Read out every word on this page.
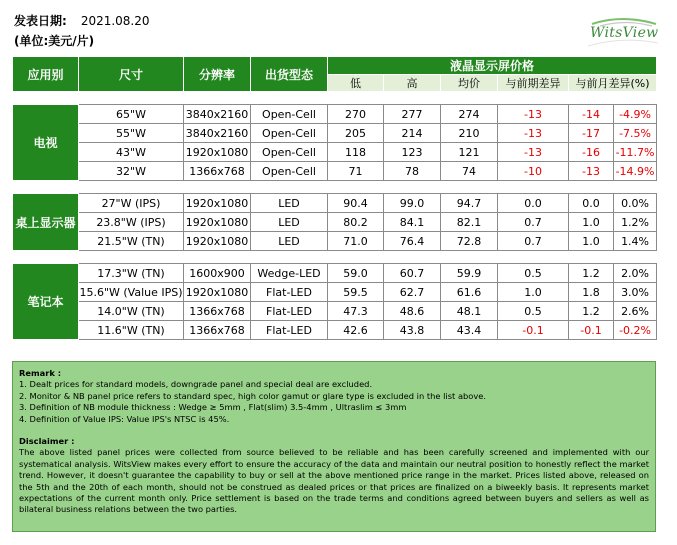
发表日期: 2021.08.20
(单位:美元/片)	WitsView
应用别	尺寸	分辨率	出货型态	液晶显示屏价格					
				低	高	均价	与前期差异	与前月差异(%)	

电视	65"W	3840x2160	Open-Cell	270	277	274	-13	-14	-4.9%
	55"W	3840x2160	Open-Cell	205	214	210	-13	-17	-7.5%
	43"W	1920x1080	Open-Cell	118	123	121	-13	-16	-11.7%
	32"W	1366x768	Open-Cell	71	78	74	-10	-13	-14.9%

桌上显示器	27"W (IPS)	1920x1080	LED	90.4	99.0	94.7	0.0	0.0	0.0%
	23.8"W (IPS)	1920x1080	LED	80.2	84.1	82.1	0.7	1.0	1.2%
	21.5"W (TN)	1920x1080	LED	71.0	76.4	72.8	0.7	1.0	1.4%

笔记本	17.3"W (TN)	1600x900	Wedge-LED	59.0	60.7	59.9	0.5	1.2	2.0%
	15.6"W (Value IPS)	1920x1080	Flat-LED	59.5	62.7	61.6	1.0	1.8	3.0%
	14.0"W (TN)	1366x768	Flat-LED	47.3	48.6	48.1	0.5	1.2	2.6%
	11.6"W (TN)	1366x768	Flat-LED	42.6	43.8	43.4	-0.1	-0.1	-0.2%

Remark :

1. Dealt prices for standard models, downgrade panel and special deal are excluded.

2. Monitor & NB panel price refers to standard spec, high color gamut or glare type is excluded in the list above.

3. Definition of NB module thickness : Wedge ≥ 5mm , Flat(slim) 3.5-4mm , Ultraslim ≤ 3mm

4. Definition of Value IPS: Value IPS's NTSC is 45%.

Disclaimer :

The above listed panel prices were collected from source believed to be reliable and has been carefully screened and implemented with our systematical analysis. WitsView makes every effort to ensure the accuracy of the data and maintain our neutral position to honestly reflect the market trend. However, it doesn't guarantee the capability to buy or sell at the above mentioned price range in the market. Prices listed above, released on the 5th and the 20th of each month, should not be construed as dealed prices or that prices are finalized on a biweekly basis. It represents market expectations of the current month only. Price settlement is based on the trade terms and conditions agreed between buyers and sellers as well as bilateral business relations between the two parties.
